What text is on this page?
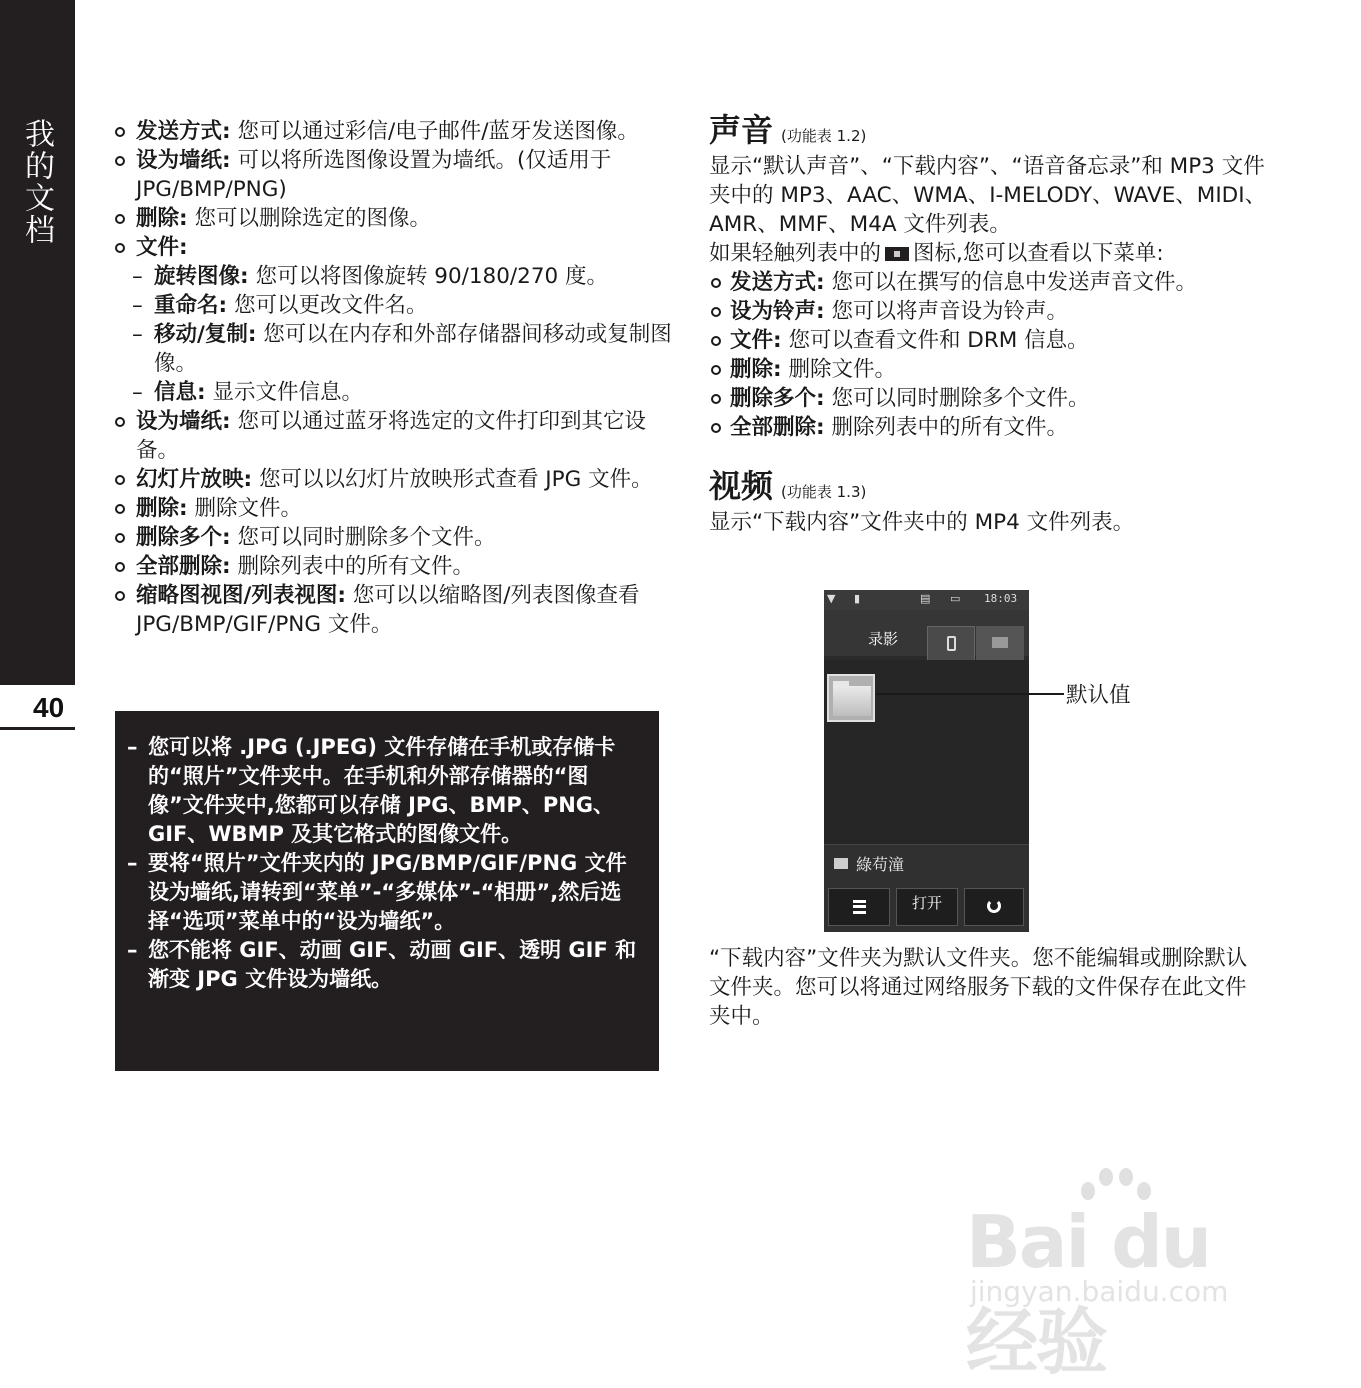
我的文档
40
发送方式: 您可以通过彩信/电子邮件/蓝牙发送图像。
设为墙纸: 可以将所选图像设置为墙纸。(仅适用于 JPG/BMP/PNG)
删除: 您可以删除选定的图像。
文件:
– 旋转图像: 您可以将图像旋转 90/180/270 度。
– 重命名: 您可以更改文件名。
– 移动/复制: 您可以在内存和外部存储器间移动或复制图像。
– 信息: 显示文件信息。
设为墙纸: 您可以通过蓝牙将选定的文件打印到其它设备。
幻灯片放映: 您可以以幻灯片放映形式查看 JPG 文件。
删除: 删除文件。
删除多个: 您可以同时删除多个文件。
全部删除: 删除列表中的所有文件。
缩略图视图/列表视图: 您可以以缩略图/列表图像查看 JPG/BMP/GIF/PNG 文件。
– 您可以将 .JPG (.JPEG) 文件存储在手机或存储卡的“照片”文件夹中。在手机和外部存储器的“图像”文件夹中,您都可以存储 JPG、BMP、PNG、GIF、WBMP 及其它格式的图像文件。
– 要将“照片”文件夹内的 JPG/BMP/GIF/PNG 文件设为墙纸,请转到“菜单”-“多媒体”-“相册”,然后选择“选项”菜单中的“设为墙纸”。
– 您不能将 GIF、动画 GIF、动画 GIF、透明 GIF 和渐变 JPG 文件设为墙纸。
声音 (功能表 1.2)
显示“默认声音”、“下载内容”、“语音备忘录”和 MP3 文件夹中的 MP3、AAC、WMA、I-MELODY、WAVE、MIDI、AMR、MMF、M4A 文件列表。
如果轻触列表中的 图标,您可以查看以下菜单:
发送方式: 您可以在撰写的信息中发送声音文件。
设为铃声: 您可以将声音设为铃声。
文件: 您可以查看文件和 DRM 信息。
删除: 删除文件。
删除多个: 您可以同时删除多个文件。
全部删除: 删除列表中的所有文件。
视频 (功能表 1.3)
显示“下载内容”文件夹中的 MP4 文件列表。
▼ ▮	▤ ▭ 18:03
录影
綠苟潼
打开
默认值
“下载内容”文件夹为默认文件夹。您不能编辑或删除默认文件夹。您可以将通过网络服务下载的文件保存在此文件夹中。
Bai du 经验
jingyan.baidu.com
